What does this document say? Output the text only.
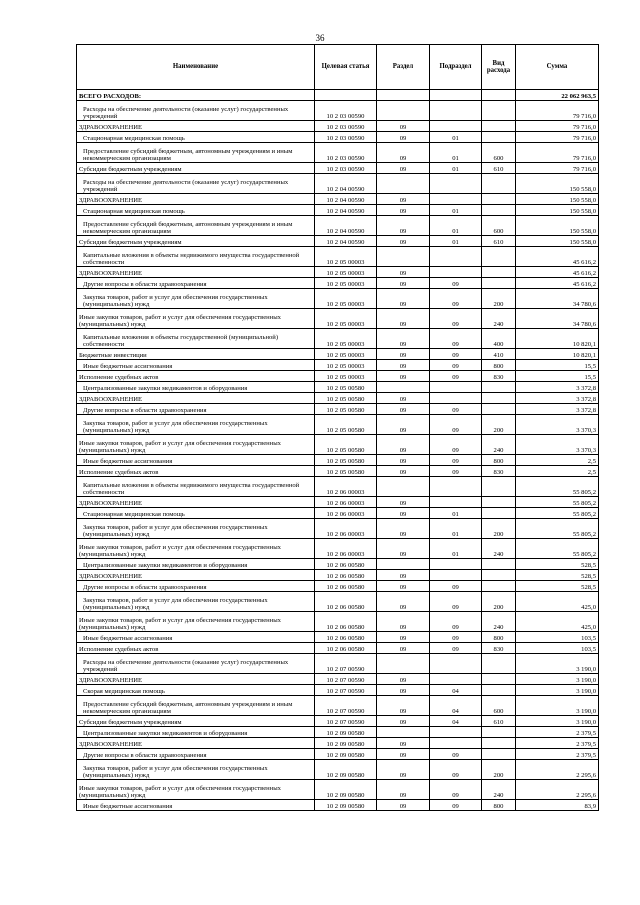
36
Наименование	Целевая статья	Раздел	Подраздел	Вид расхода	Сумма
ВСЕГО РАСХОДОВ:					22 062 963,5
Расходы на обеспечение деятельности (оказание услуг) государственных учреждений	10 2 03 00590				79 716,0
ЗДРАВООХРАНЕНИЕ	10 2 03 00590	09			79 716,0
Стационарная медицинская помощь	10 2 03 00590	09	01		79 716,0
Предоставление субсидий бюджетным, автономным учреждениям и иным некоммерческим организациям	10 2 03 00590	09	01	600	79 716,0
Субсидии бюджетным учреждениям	10 2 03 00590	09	01	610	79 716,0
Расходы на обеспечение деятельности (оказание услуг) государственных учреждений	10 2 04 00590				150 558,0
ЗДРАВООХРАНЕНИЕ	10 2 04 00590	09			150 558,0
Стационарная медицинская помощь	10 2 04 00590	09	01		150 558,0
Предоставление субсидий бюджетным, автономным учреждениям и иным некоммерческим организациям	10 2 04 00590	09	01	600	150 558,0
Субсидии бюджетным учреждениям	10 2 04 00590	09	01	610	150 558,0
Капитальные вложения в объекты недвижимого имущества государственной собственности	10 2 05 00003				45 616,2
ЗДРАВООХРАНЕНИЕ	10 2 05 00003	09			45 616,2
Другие вопросы в области здравоохранения	10 2 05 00003	09	09		45 616,2
Закупка товаров, работ и услуг для обеспечения государственных (муниципальных) нужд	10 2 05 00003	09	09	200	34 780,6
Иные закупки товаров, работ и услуг для обеспечения государственных (муниципальных) нужд	10 2 05 00003	09	09	240	34 780,6
Капитальные вложения в объекты государственной (муниципальной) собственности	10 2 05 00003	09	09	400	10 820,1
Бюджетные инвестиции	10 2 05 00003	09	09	410	10 820,1
Иные бюджетные ассигнования	10 2 05 00003	09	09	800	15,5
Исполнение судебных актов	10 2 05 00003	09	09	830	15,5
Централизованные закупки медикаментов и оборудования	10 2 05 00580				3 372,8
ЗДРАВООХРАНЕНИЕ	10 2 05 00580	09			3 372,8
Другие вопросы в области здравоохранения	10 2 05 00580	09	09		3 372,8
Закупка товаров, работ и услуг для обеспечения государственных (муниципальных) нужд	10 2 05 00580	09	09	200	3 370,3
Иные закупки товаров, работ и услуг для обеспечения государственных (муниципальных) нужд	10 2 05 00580	09	09	240	3 370,3
Иные бюджетные ассигнования	10 2 05 00580	09	09	800	2,5
Исполнение судебных актов	10 2 05 00580	09	09	830	2,5
Капитальные вложения в объекты недвижимого имущества государственной собственности	10 2 06 00003				55 805,2
ЗДРАВООХРАНЕНИЕ	10 2 06 00003	09			55 805,2
Стационарная медицинская помощь	10 2 06 00003	09	01		55 805,2
Закупка товаров, работ и услуг для обеспечения государственных (муниципальных) нужд	10 2 06 00003	09	01	200	55 805,2
Иные закупки товаров, работ и услуг для обеспечения государственных (муниципальных) нужд	10 2 06 00003	09	01	240	55 805,2
Централизованные закупки медикаментов и оборудования	10 2 06 00580				528,5
ЗДРАВООХРАНЕНИЕ	10 2 06 00580	09			528,5
Другие вопросы в области здравоохранения	10 2 06 00580	09	09		528,5
Закупка товаров, работ и услуг для обеспечения государственных (муниципальных) нужд	10 2 06 00580	09	09	200	425,0
Иные закупки товаров, работ и услуг для обеспечения государственных (муниципальных) нужд	10 2 06 00580	09	09	240	425,0
Иные бюджетные ассигнования	10 2 06 00580	09	09	800	103,5
Исполнение судебных актов	10 2 06 00580	09	09	830	103,5
Расходы на обеспечение деятельности (оказание услуг) государственных учреждений	10 2 07 00590				3 190,0
ЗДРАВООХРАНЕНИЕ	10 2 07 00590	09			3 190,0
Скорая медицинская помощь	10 2 07 00590	09	04		3 190,0
Предоставление субсидий бюджетным, автономным учреждениям и иным некоммерческим организациям	10 2 07 00590	09	04	600	3 190,0
Субсидии бюджетным учреждениям	10 2 07 00590	09	04	610	3 190,0
Централизованные закупки медикаментов и оборудования	10 2 09 00580				2 379,5
ЗДРАВООХРАНЕНИЕ	10 2 09 00580	09			2 379,5
Другие вопросы в области здравоохранения	10 2 09 00580	09	09		2 379,5
Закупка товаров, работ и услуг для обеспечения государственных (муниципальных) нужд	10 2 09 00580	09	09	200	2 295,6
Иные закупки товаров, работ и услуг для обеспечения государственных (муниципальных) нужд	10 2 09 00580	09	09	240	2 295,6
Иные бюджетные ассигнования	10 2 09 00580	09	09	800	83,9
